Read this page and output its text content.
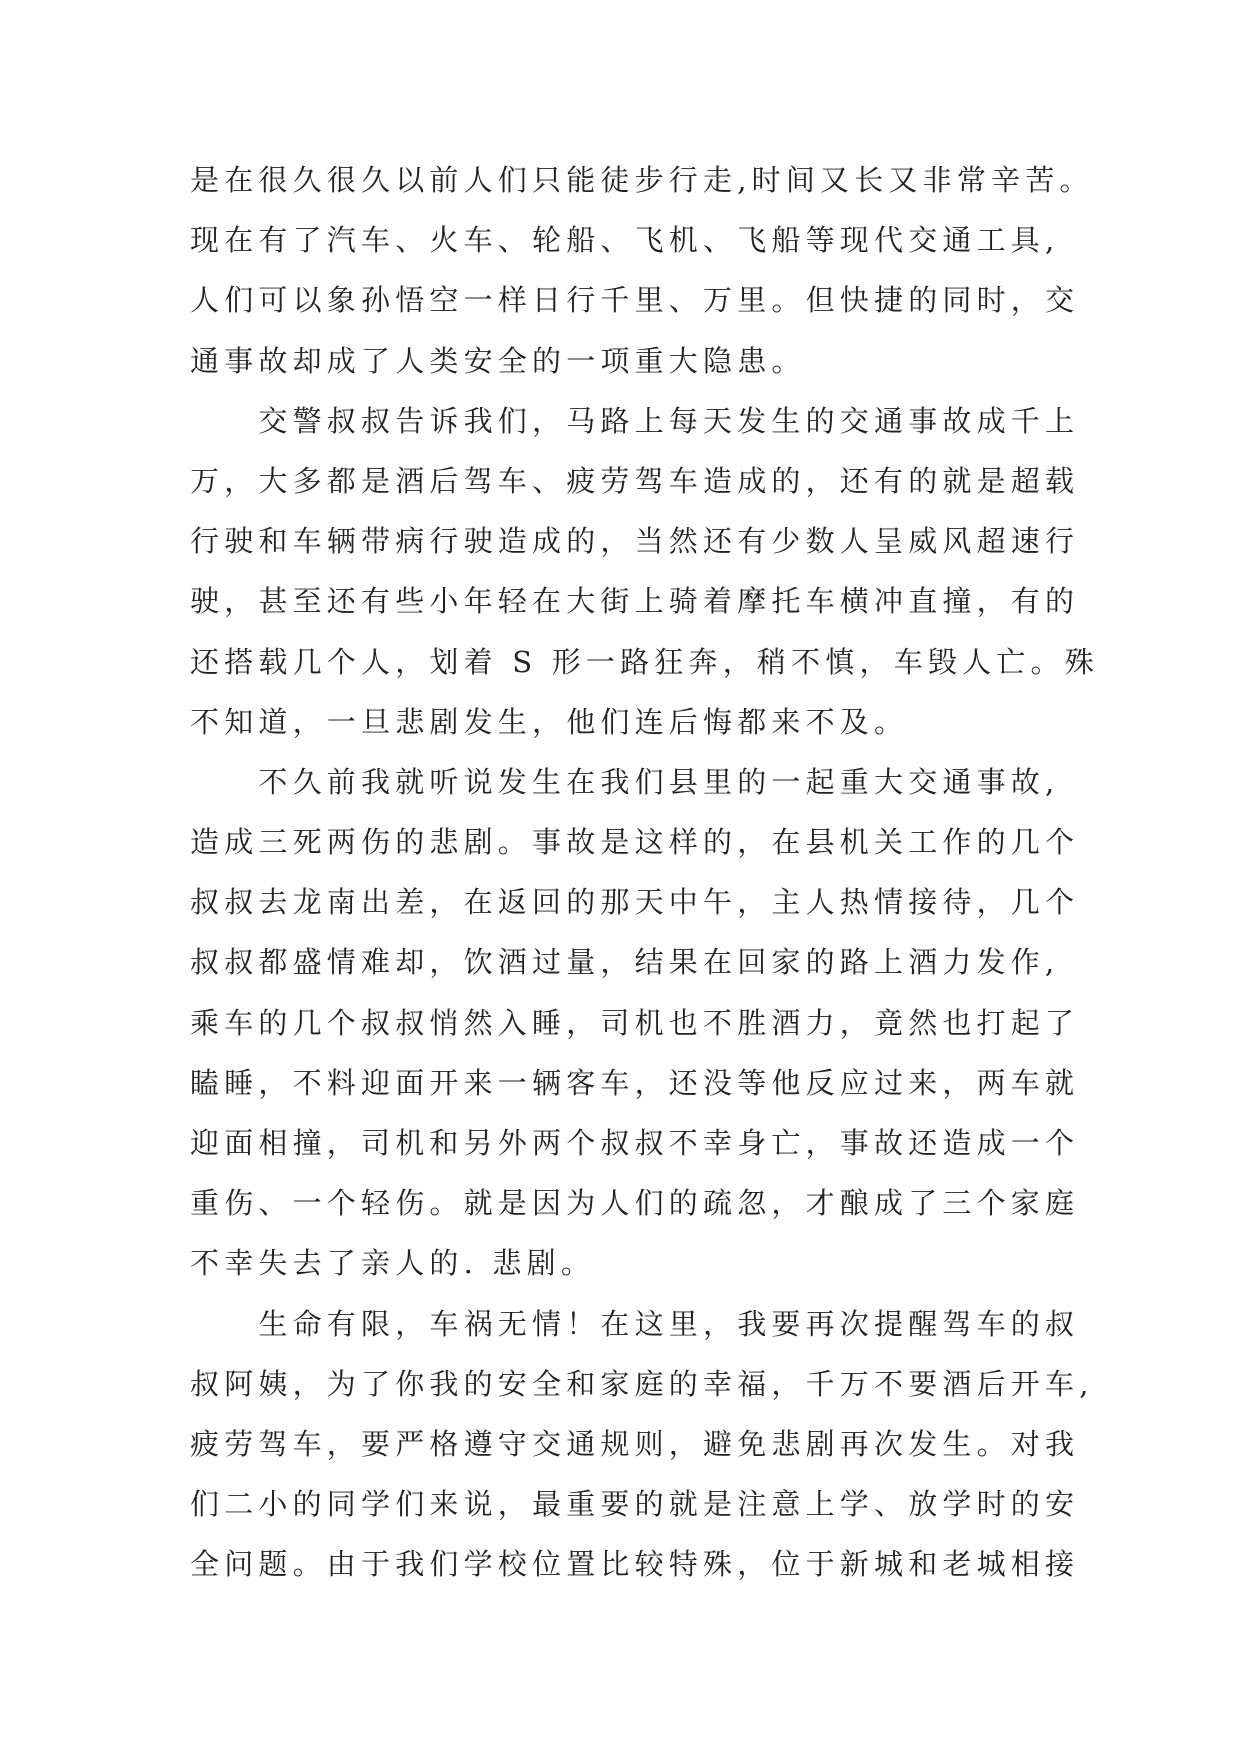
是在很久很久以前人们只能徒步行走,时间又长又非常辛苦。
现在有了汽车、火车、轮船、飞机、飞船等现代交通工具,
人们可以象孙悟空一样日行千里、万里。但快捷的同时，交
通事故却成了人类安全的一项重大隐患。
　　交警叔叔告诉我们，马路上每天发生的交通事故成千上
万，大多都是酒后驾车、疲劳驾车造成的，还有的就是超载
行驶和车辆带病行驶造成的，当然还有少数人呈威风超速行
驶，甚至还有些小年轻在大街上骑着摩托车横冲直撞，有的
还搭载几个人，划着 S 形一路狂奔，稍不慎，车毁人亡。殊
不知道，一旦悲剧发生，他们连后悔都来不及。
　　不久前我就听说发生在我们县里的一起重大交通事故,
造成三死两伤的悲剧。事故是这样的，在县机关工作的几个
叔叔去龙南出差，在返回的那天中午，主人热情接待，几个
叔叔都盛情难却，饮酒过量，结果在回家的路上酒力发作,
乘车的几个叔叔悄然入睡，司机也不胜酒力，竟然也打起了
瞌睡，不料迎面开来一辆客车，还没等他反应过来，两车就
迎面相撞，司机和另外两个叔叔不幸身亡，事故还造成一个
重伤、一个轻伤。就是因为人们的疏忽，才酿成了三个家庭
不幸失去了亲人的. 悲剧。
　　生命有限，车祸无情！在这里，我要再次提醒驾车的叔
叔阿姨，为了你我的安全和家庭的幸福，千万不要酒后开车,
疲劳驾车，要严格遵守交通规则，避免悲剧再次发生。对我
们二小的同学们来说，最重要的就是注意上学、放学时的安
全问题。由于我们学校位置比较特殊，位于新城和老城相接
